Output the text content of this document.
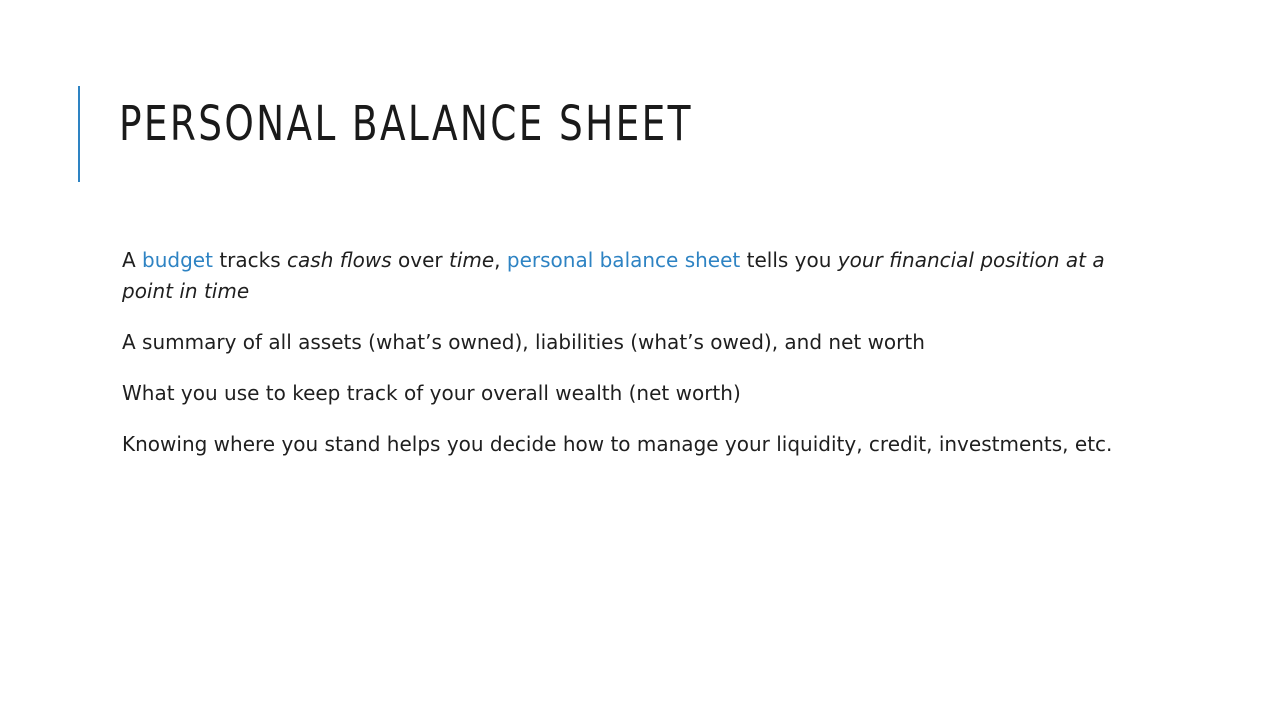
PERSONAL BALANCE SHEET

A budget tracks cash flows over time, personal balance sheet tells you your financial position at a point in time

A summary of all assets (what’s owned), liabilities (what’s owed), and net worth

What you use to keep track of your overall wealth (net worth)

Knowing where you stand helps you decide how to manage your liquidity, credit, investments, etc.
